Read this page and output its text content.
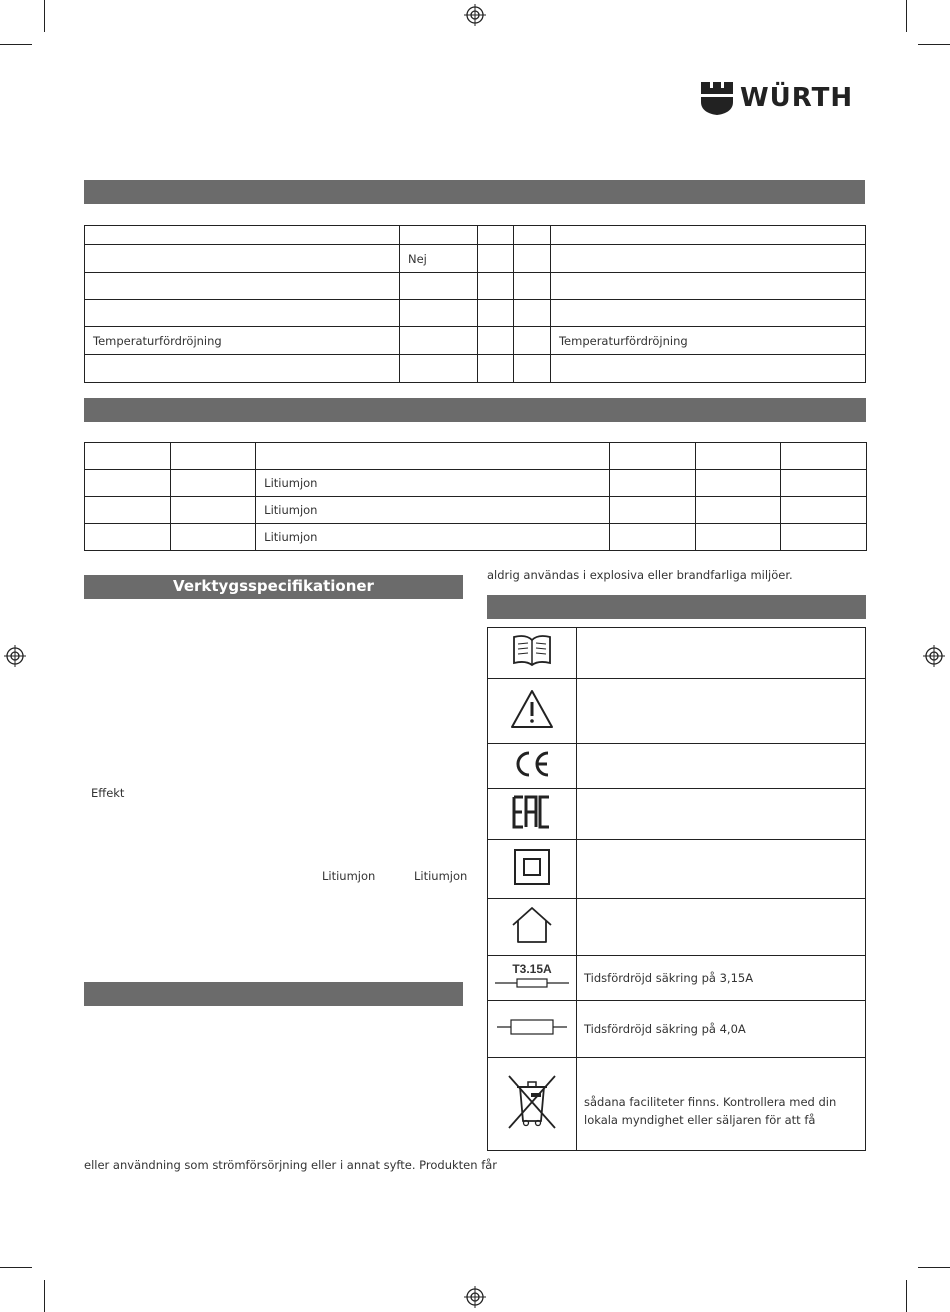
WÜRTH

	Nej			

Temperaturfördröjning				Temperaturfördröjning

		Litiumjon			
		Litiumjon			
		Litiumjon			
Verktygsspecifikationer
Effekt
Litiumjon	Litiumjon
eller användning som strömförsörjning eller i annat syfte. Produkten får
aldrig användas i explosiva eller brandfarliga miljöer.

T3.15A	Tidsfördröjd säkring på 3,15A
	Tidsfördröjd säkring på 4,0A
	sådana faciliteter finns. Kontrollera med din lokala myndighet eller säljaren för att få
